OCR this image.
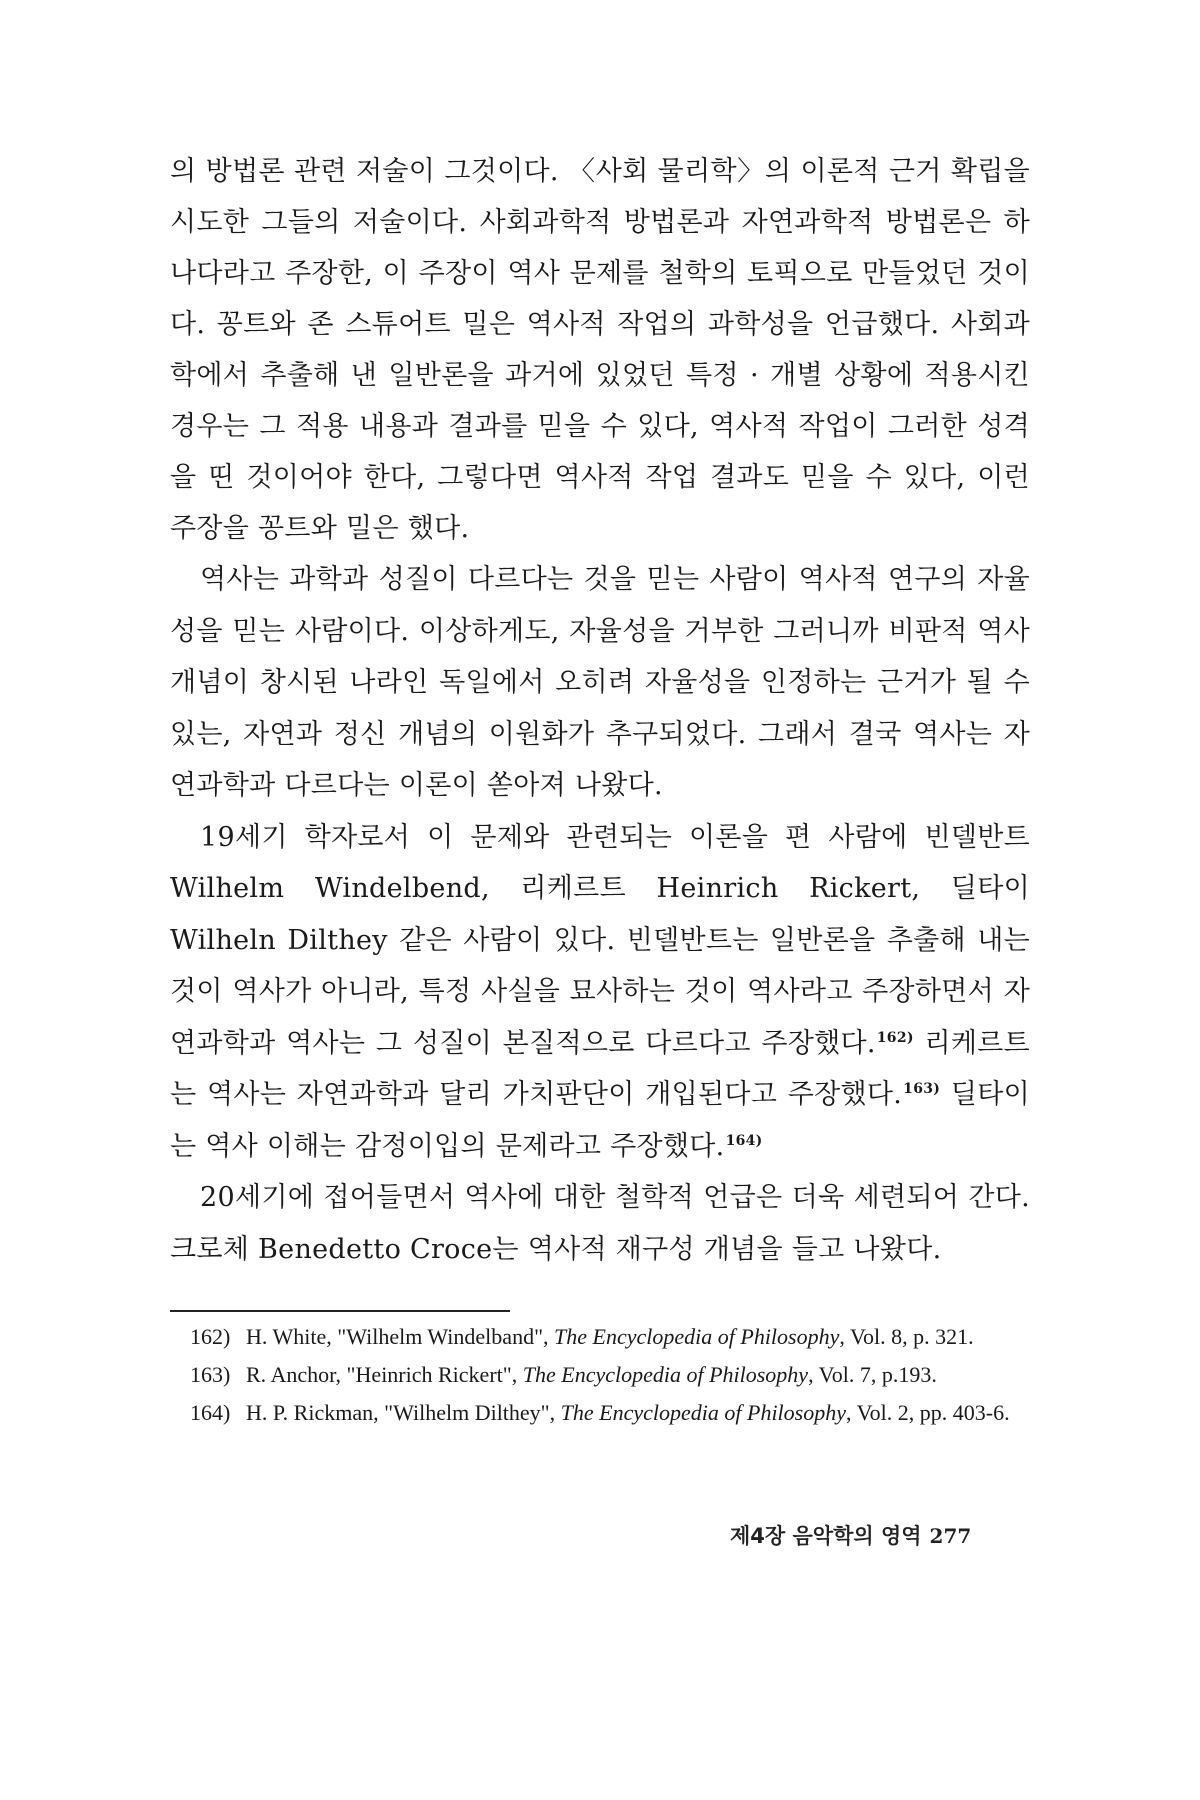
의 방법론 관련 저술이 그것이다. 〈사회 물리학〉의 이론적 근거 확립을 시도한 그들의 저술이다. 사회과학적 방법론과 자연과학적 방법론은 하나다라고 주장한, 이 주장이 역사 문제를 철학의 토픽으로 만들었던 것이다. 꽁트와 존 스튜어트 밀은 역사적 작업의 과학성을 언급했다. 사회과학에서 추출해 낸 일반론을 과거에 있었던 특정 · 개별 상황에 적용시킨 경우는 그 적용 내용과 결과를 믿을 수 있다, 역사적 작업이 그러한 성격을 띤 것이어야 한다, 그렇다면 역사적 작업 결과도 믿을 수 있다, 이런 주장을 꽁트와 밀은 했다.

역사는 과학과 성질이 다르다는 것을 믿는 사람이 역사적 연구의 자율성을 믿는 사람이다. 이상하게도, 자율성을 거부한 그러니까 비판적 역사 개념이 창시된 나라인 독일에서 오히려 자율성을 인정하는 근거가 될 수 있는, 자연과 정신 개념의 이원화가 추구되었다. 그래서 결국 역사는 자연과학과 다르다는 이론이 쏟아져 나왔다.

19세기 학자로서 이 문제와 관련되는 이론을 편 사람에 빈델반트 Wilhelm Windelbend, 리케르트 Heinrich Rickert, 딜타이 Wilheln Dilthey 같은 사람이 있다. 빈델반트는 일반론을 추출해 내는 것이 역사가 아니라, 특정 사실을 묘사하는 것이 역사라고 주장하면서 자연과학과 역사는 그 성질이 본질적으로 다르다고 주장했다.$^{162)}$ 리케르트는 역사는 자연과학과 달리 가치판단이 개입된다고 주장했다.$^{163)}$ 딜타이는 역사 이해는 감정이입의 문제라고 주장했다.$^{164)}$

20세기에 접어들면서 역사에 대한 철학적 언급은 더욱 세련되어 간다. 크로체 Benedetto Croce는 역사적 재구성 개념을 들고 나왔다.

162) H. White, "Wilhelm Windelband", The Encyclopedia of Philosophy, Vol. 8, p. 321.
163) R. Anchor, "Heinrich Rickert", The Encyclopedia of Philosophy, Vol. 7, p.193.
164) H. P. Rickman, "Wilhelm Dilthey", The Encyclopedia of Philosophy, Vol. 2, pp. 403-6.
제4장 음악학의 영역 277
